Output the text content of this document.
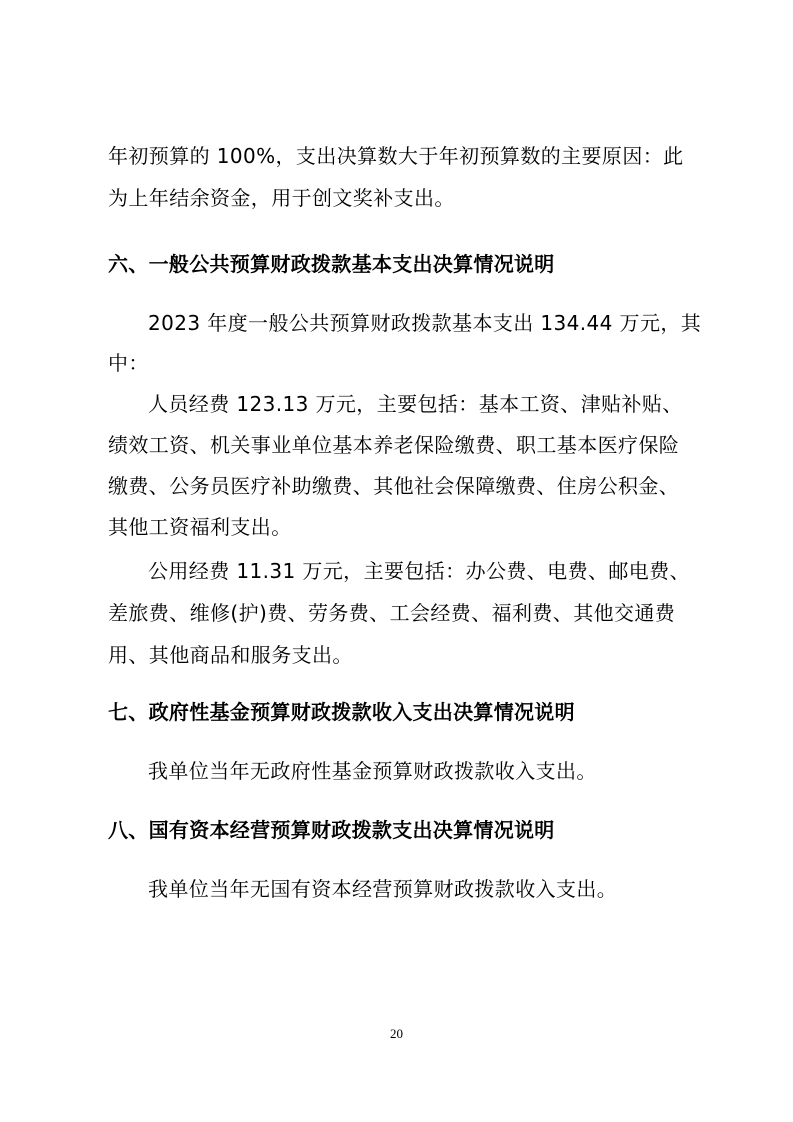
年初预算的 100%，支出决算数大于年初预算数的主要原因：此
为上年结余资金，用于创文奖补支出。
六、一般公共预算财政拨款基本支出决算情况说明
2023 年度一般公共预算财政拨款基本支出 134.44 万元，其
中：
人员经费 123.13 万元，主要包括：基本工资、津贴补贴、
绩效工资、机关事业单位基本养老保险缴费、职工基本医疗保险
缴费、公务员医疗补助缴费、其他社会保障缴费、住房公积金、
其他工资福利支出。
公用经费 11.31 万元，主要包括：办公费、电费、邮电费、
差旅费、维修(护)费、劳务费、工会经费、福利费、其他交通费
用、其他商品和服务支出。
七、政府性基金预算财政拨款收入支出决算情况说明
我单位当年无政府性基金预算财政拨款收入支出。
八、国有资本经营预算财政拨款支出决算情况说明
我单位当年无国有资本经营预算财政拨款收入支出。
20
